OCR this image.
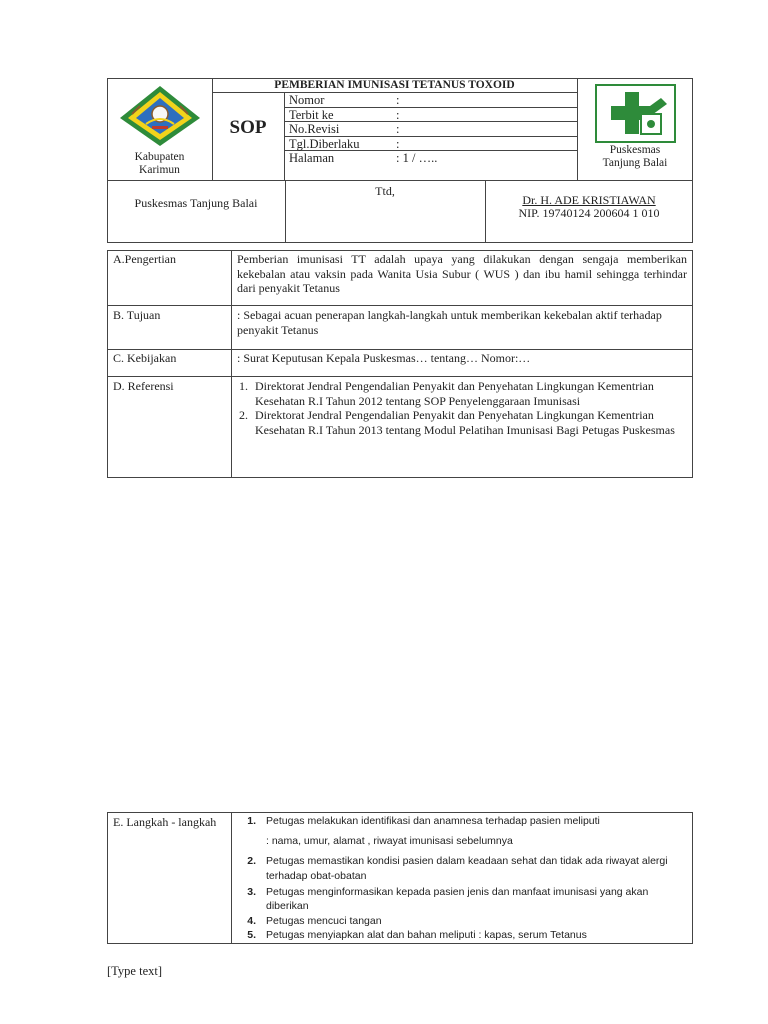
Kabupaten
Karimun
PEMBERIAN IMUNISASI TETANUS TOXOID
SOP
Nomor	:
Terbit ke	:
No.Revisi	:
Tgl.Diberlaku	:
Halaman	: 1 / …..
Puskesmas
Tanjung Balai
Puskesmas Tanjung Balai
Ttd,
Dr. H. ADE KRISTIAWAN
NIP. 19740124 200604 1 010
A.Pengertian	Pemberian imunisasi TT adalah upaya yang dilakukan dengan sengaja memberikan kekebalan atau vaksin pada Wanita Usia Subur ( WUS ) dan ibu hamil sehingga terhindar dari penyakit Tetanus
B. Tujuan	: Sebagai acuan penerapan langkah-langkah untuk memberikan kekebalan aktif terhadap penyakit Tetanus
C. Kebijakan	: Surat Keputusan Kepala Puskesmas… tentang… Nomor:…
D. Referensi	1. Direktorat Jendral Pengendalian Penyakit dan Penyehatan Lingkungan Kementrian Kesehatan R.I Tahun 2012 tentang SOP Penyelenggaraan Imunisasi
2. Direktorat Jendral Pengendalian Penyakit dan Penyehatan Lingkungan Kementrian Kesehatan R.I Tahun 2013 tentang Modul Pelatihan Imunisasi Bagi Petugas Puskesmas
E. Langkah - langkah	1. Petugas melakukan identifikasi dan anamnesa terhadap pasien meliputi
: nama, umur, alamat , riwayat imunisasi sebelumnya
2. Petugas memastikan kondisi pasien dalam keadaan sehat dan tidak ada riwayat alergi terhadap obat-obatan
3. Petugas menginformasikan kepada pasien jenis dan manfaat imunisasi yang akan diberikan
4. Petugas mencuci tangan
5. Petugas menyiapkan alat dan bahan meliputi : kapas, serum Tetanus
[Type text]
